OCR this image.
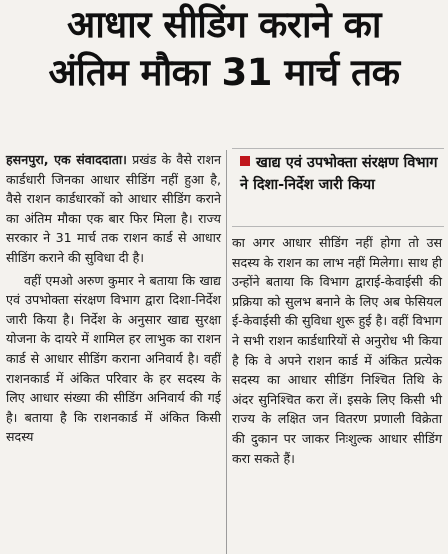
आधार सीडिंग कराने का
अंतिम मौका 31 मार्च तक

हसनपुरा, एक संवाददाता। प्रखंड के वैसे राशन कार्डधारी जिनका आधार सीडिंग नहीं हुआ है, वैसे राशन कार्डधारकों को आधार सीडिंग कराने का अंतिम मौका एक बार फिर मिला है। राज्य सरकार ने 31 मार्च तक राशन कार्ड से आधार सीडिंग कराने की सुविधा दी है।

वहीं एमओ अरुण कुमार ने बताया कि खाद्य एवं उपभोक्ता संरक्षण विभाग द्वारा दिशा-निर्देश जारी किया है। निर्देश के अनुसार खाद्य सुरक्षा योजना के दायरे में शामिल हर लाभुक का राशन कार्ड से आधार सीडिंग कराना अनिवार्य है। वहीं राशनकार्ड में अंकित परिवार के हर सदस्य के लिए आधार संख्या की सीडिंग अनिवार्य की गई है। बताया है कि राशनकार्ड में अंकित किसी सदस्य

खाद्य एवं उपभोक्ता संरक्षण विभाग ने दिशा-निर्देश जारी किया

का अगर आधार सीडिंग नहीं होगा तो उस सदस्य के राशन का लाभ नहीं मिलेगा। साथ ही उन्होंने बताया कि विभाग द्वाराई-केवाईसी की प्रक्रिया को सुलभ बनाने के लिए अब फेसियल ई-केवाईसी की सुविधा शुरू हुई है। वहीं विभाग ने सभी राशन कार्डधारियों से अनुरोध भी किया है कि वे अपने राशन कार्ड में अंकित प्रत्येक सदस्य का आधार सीडिंग निश्चित तिथि के अंदर सुनिश्चित करा लें। इसके लिए किसी भी राज्य के लक्षित जन वितरण प्रणाली विक्रेता की दुकान पर जाकर निःशुल्क आधार सीडिंग करा सकते हैं।
